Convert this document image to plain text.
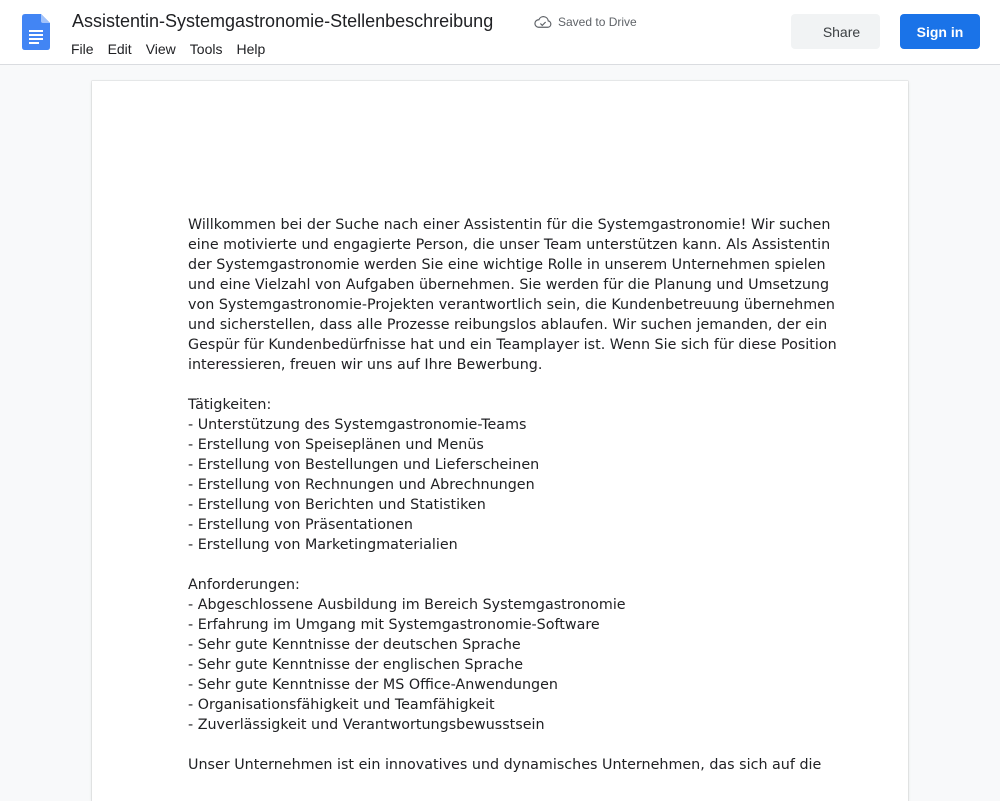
Assistentin-Systemgastronomie-Stellenbeschreibung	Saved to Drive
File	Edit	View	Tools	Help
Share	Sign in

Willkommen bei der Suche nach einer Assistentin für die Systemgastronomie! Wir suchen

eine motivierte und engagierte Person, die unser Team unterstützen kann. Als Assistentin

der Systemgastronomie werden Sie eine wichtige Rolle in unserem Unternehmen spielen

und eine Vielzahl von Aufgaben übernehmen. Sie werden für die Planung und Umsetzung

von Systemgastronomie-Projekten verantwortlich sein, die Kundenbetreuung übernehmen

und sicherstellen, dass alle Prozesse reibungslos ablaufen. Wir suchen jemanden, der ein

Gespür für Kundenbedürfnisse hat und ein Teamplayer ist. Wenn Sie sich für diese Position

interessieren, freuen wir uns auf Ihre Bewerbung.

Tätigkeiten:

- Unterstützung des Systemgastronomie-Teams

- Erstellung von Speiseplänen und Menüs

- Erstellung von Bestellungen und Lieferscheinen

- Erstellung von Rechnungen und Abrechnungen

- Erstellung von Berichten und Statistiken

- Erstellung von Präsentationen

- Erstellung von Marketingmaterialien

Anforderungen:

- Abgeschlossene Ausbildung im Bereich Systemgastronomie

- Erfahrung im Umgang mit Systemgastronomie-Software

- Sehr gute Kenntnisse der deutschen Sprache

- Sehr gute Kenntnisse der englischen Sprache

- Sehr gute Kenntnisse der MS Office-Anwendungen

- Organisationsfähigkeit und Teamfähigkeit

- Zuverlässigkeit und Verantwortungsbewusstsein

Unser Unternehmen ist ein innovatives und dynamisches Unternehmen, das sich auf die
